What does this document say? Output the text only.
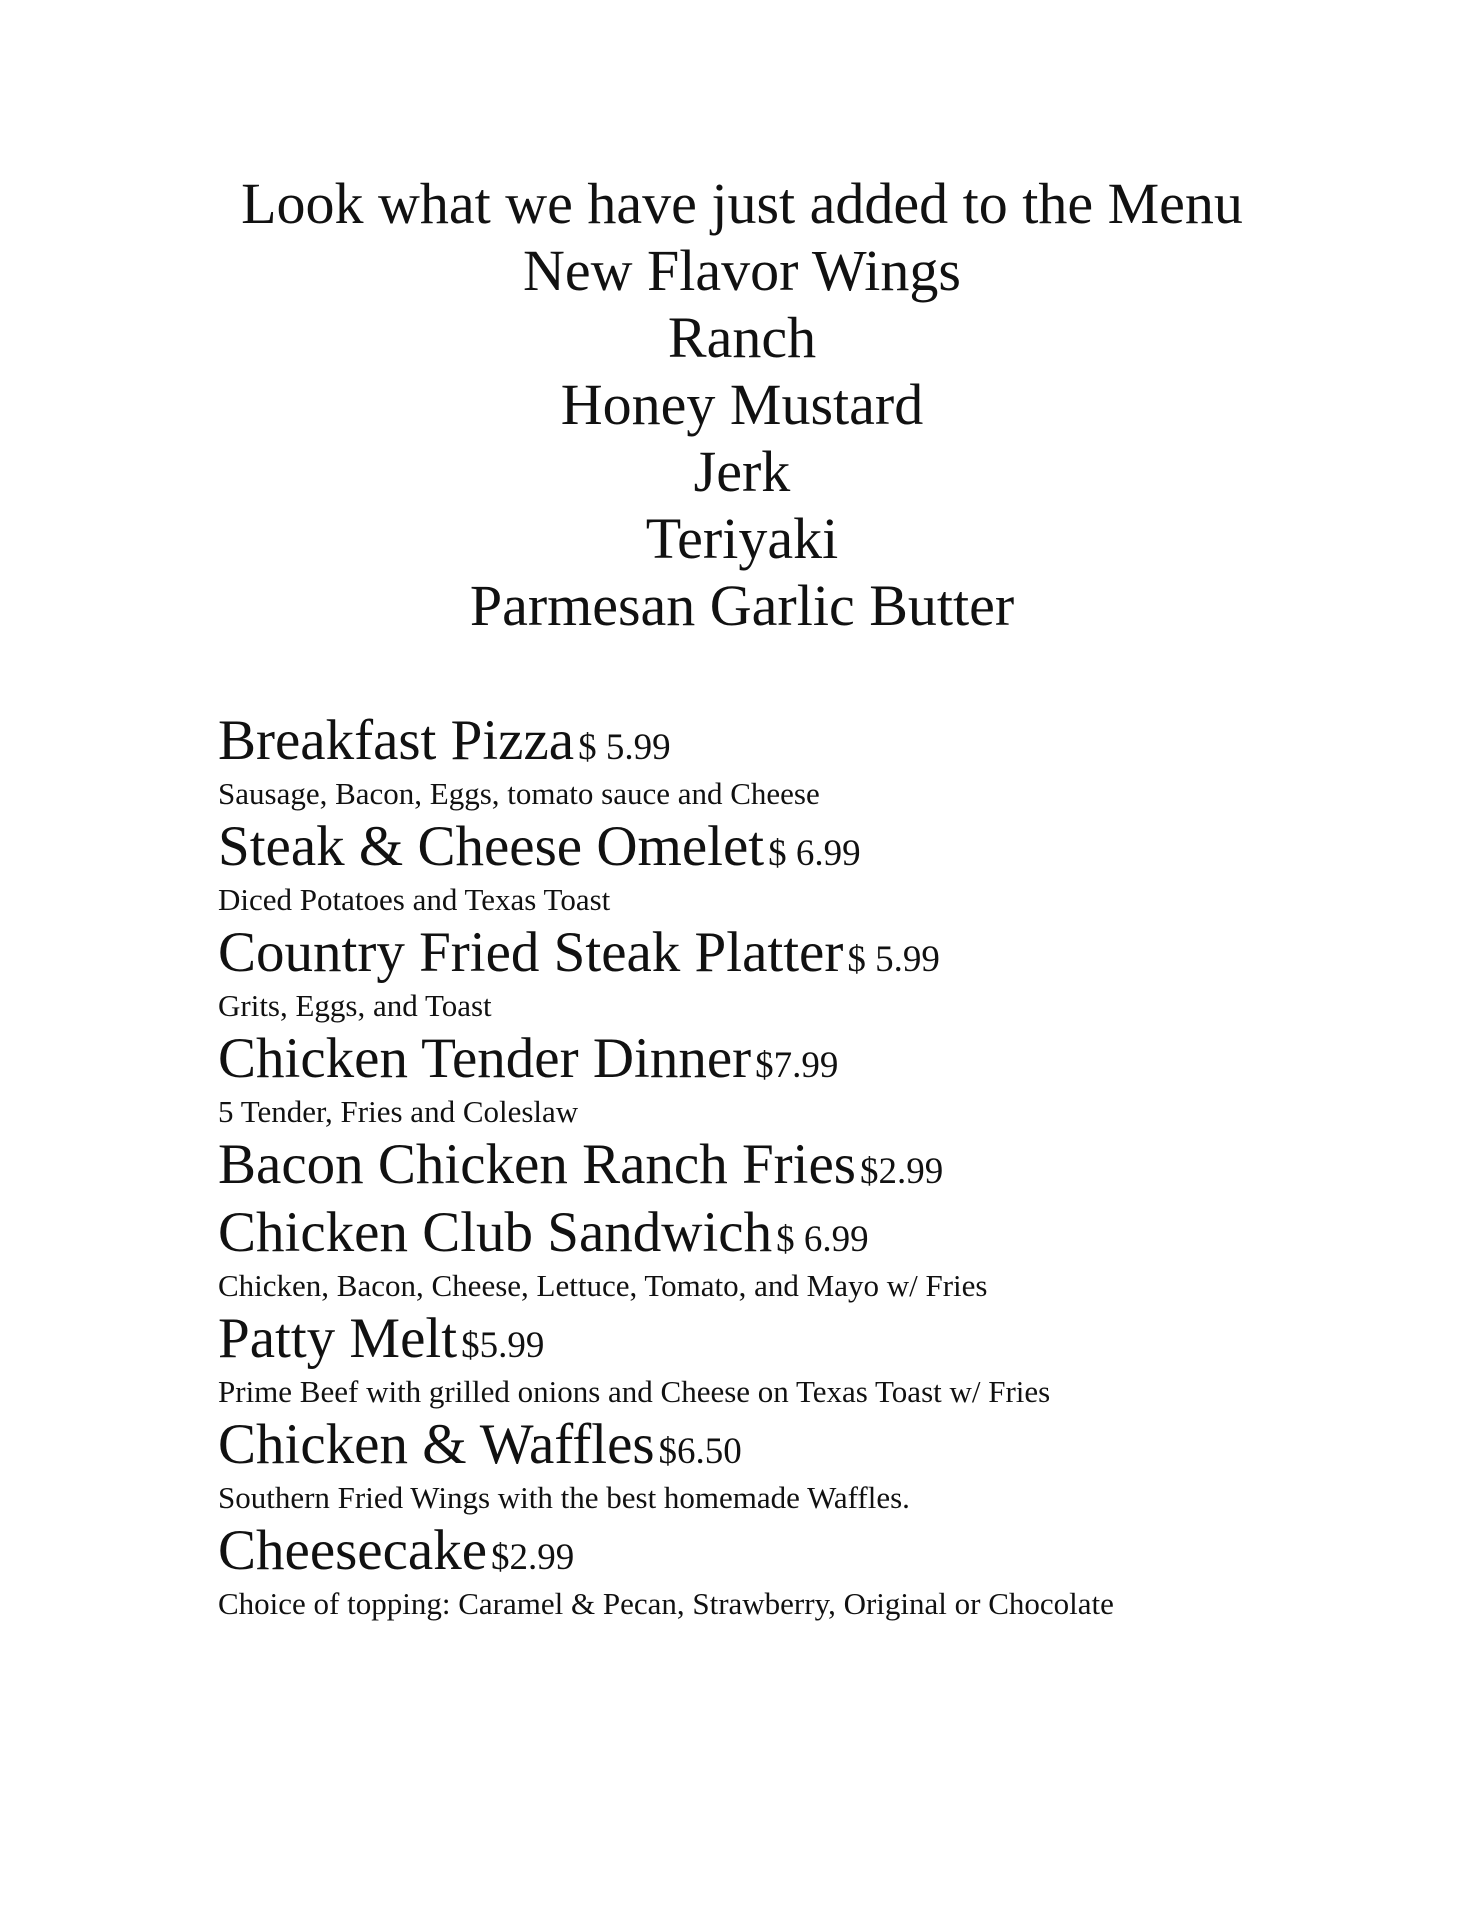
Look what we have just added to the Menu
New Flavor Wings
Ranch
Honey Mustard
Jerk
Teriyaki
Parmesan Garlic Butter
Breakfast Pizza $ 5.99
Sausage, Bacon, Eggs, tomato sauce and Cheese
Steak & Cheese Omelet $ 6.99
Diced Potatoes and Texas Toast
Country Fried Steak Platter $ 5.99
Grits, Eggs, and Toast
Chicken Tender Dinner $7.99
5 Tender, Fries and Coleslaw
Bacon Chicken Ranch Fries $2.99
Chicken Club Sandwich $ 6.99
Chicken, Bacon, Cheese, Lettuce, Tomato, and Mayo w/ Fries
Patty Melt $5.99
Prime Beef with grilled onions and Cheese on Texas Toast w/ Fries
Chicken & Waffles $6.50
Southern Fried Wings with the best homemade Waffles.
Cheesecake $2.99
Choice of topping: Caramel & Pecan, Strawberry, Original or Chocolate
